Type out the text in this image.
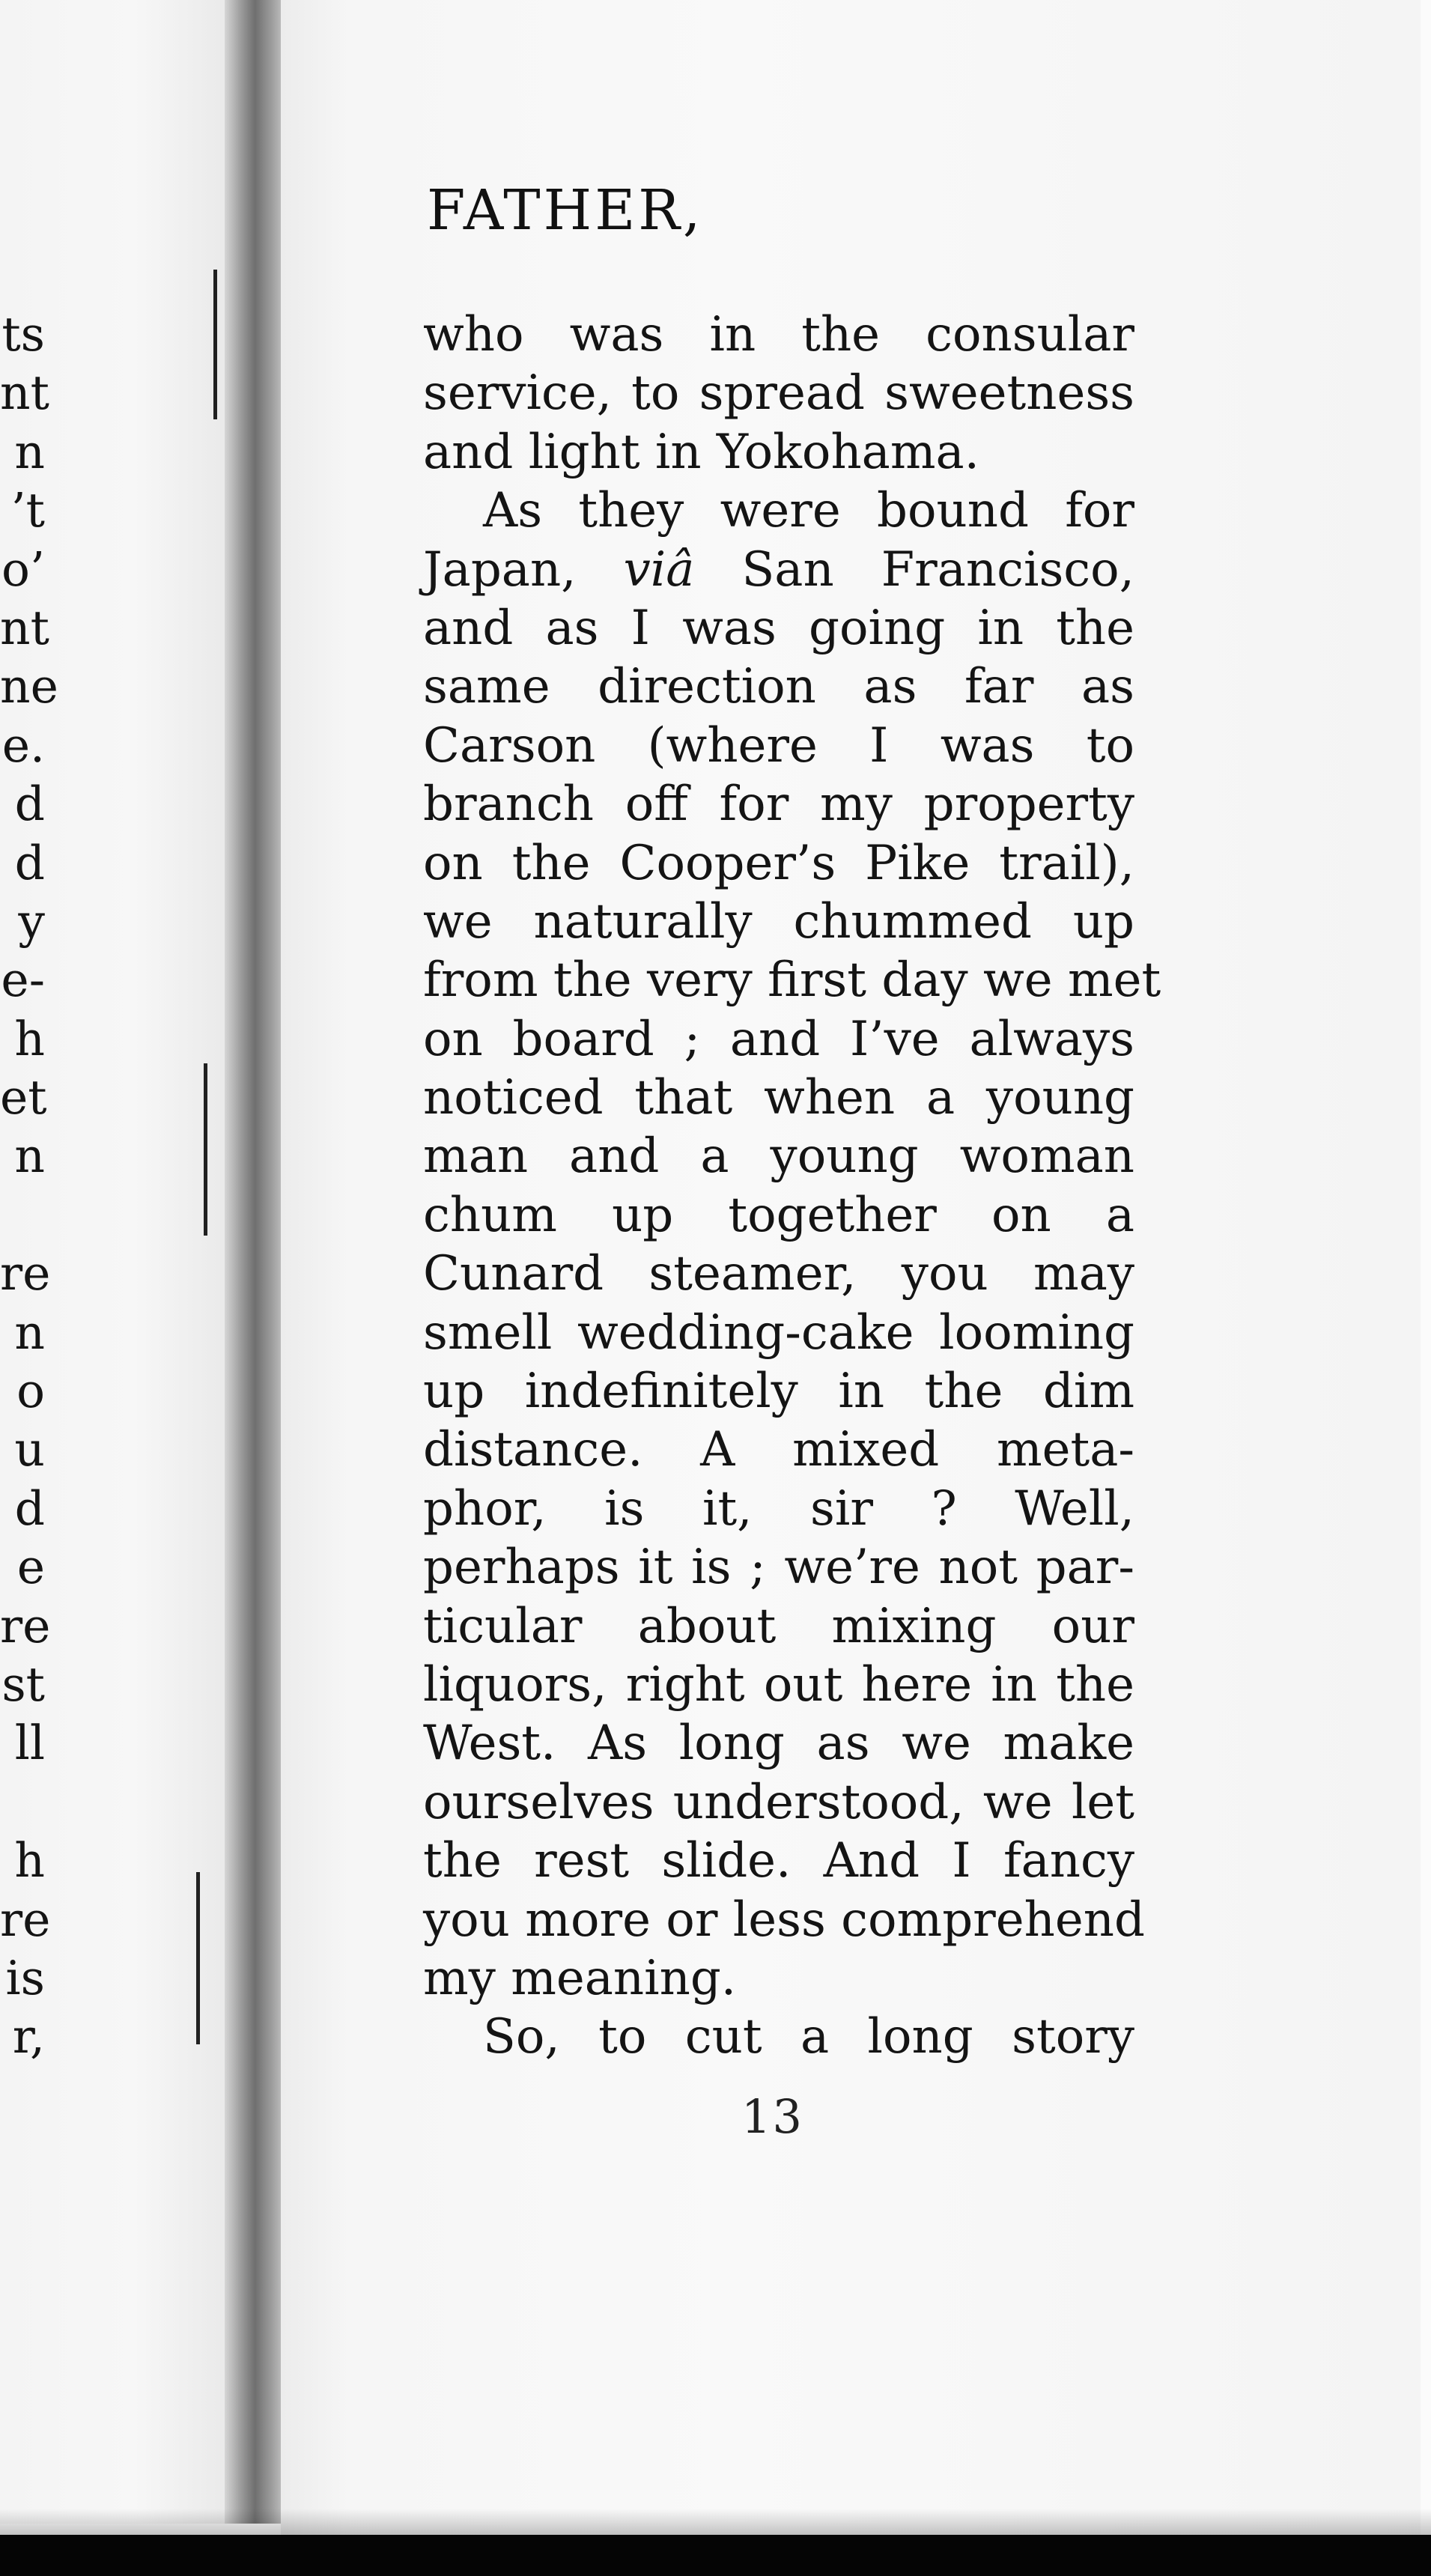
ts
nt
n
’t
o’
nt
ne
e.
d
d
y
e-
h
et
n
re
n
o
u
d
e
re
st
ll
h
re
is
r,
FATHER,
who was in the consular
service, to spread sweetness
and light in Yokohama.
As they were bound for
Japan, viâ San Francisco,
and as I was going in the
same direction as far as
Carson (where I was to
branch off for my property
on the Cooper’s Pike trail),
we naturally chummed up
from the very first day we met
on board ; and I’ve always
noticed that when a young
man and a young woman
chum up together on a
Cunard steamer, you may
smell wedding-cake looming
up indefinitely in the dim
distance. A mixed meta-
phor, is it, sir ? Well,
perhaps it is ; we’re not par-
ticular about mixing our
liquors, right out here in the
West. As long as we make
ourselves understood, we let
the rest slide. And I fancy
you more or less comprehend
my meaning.
So, to cut a long story
13
